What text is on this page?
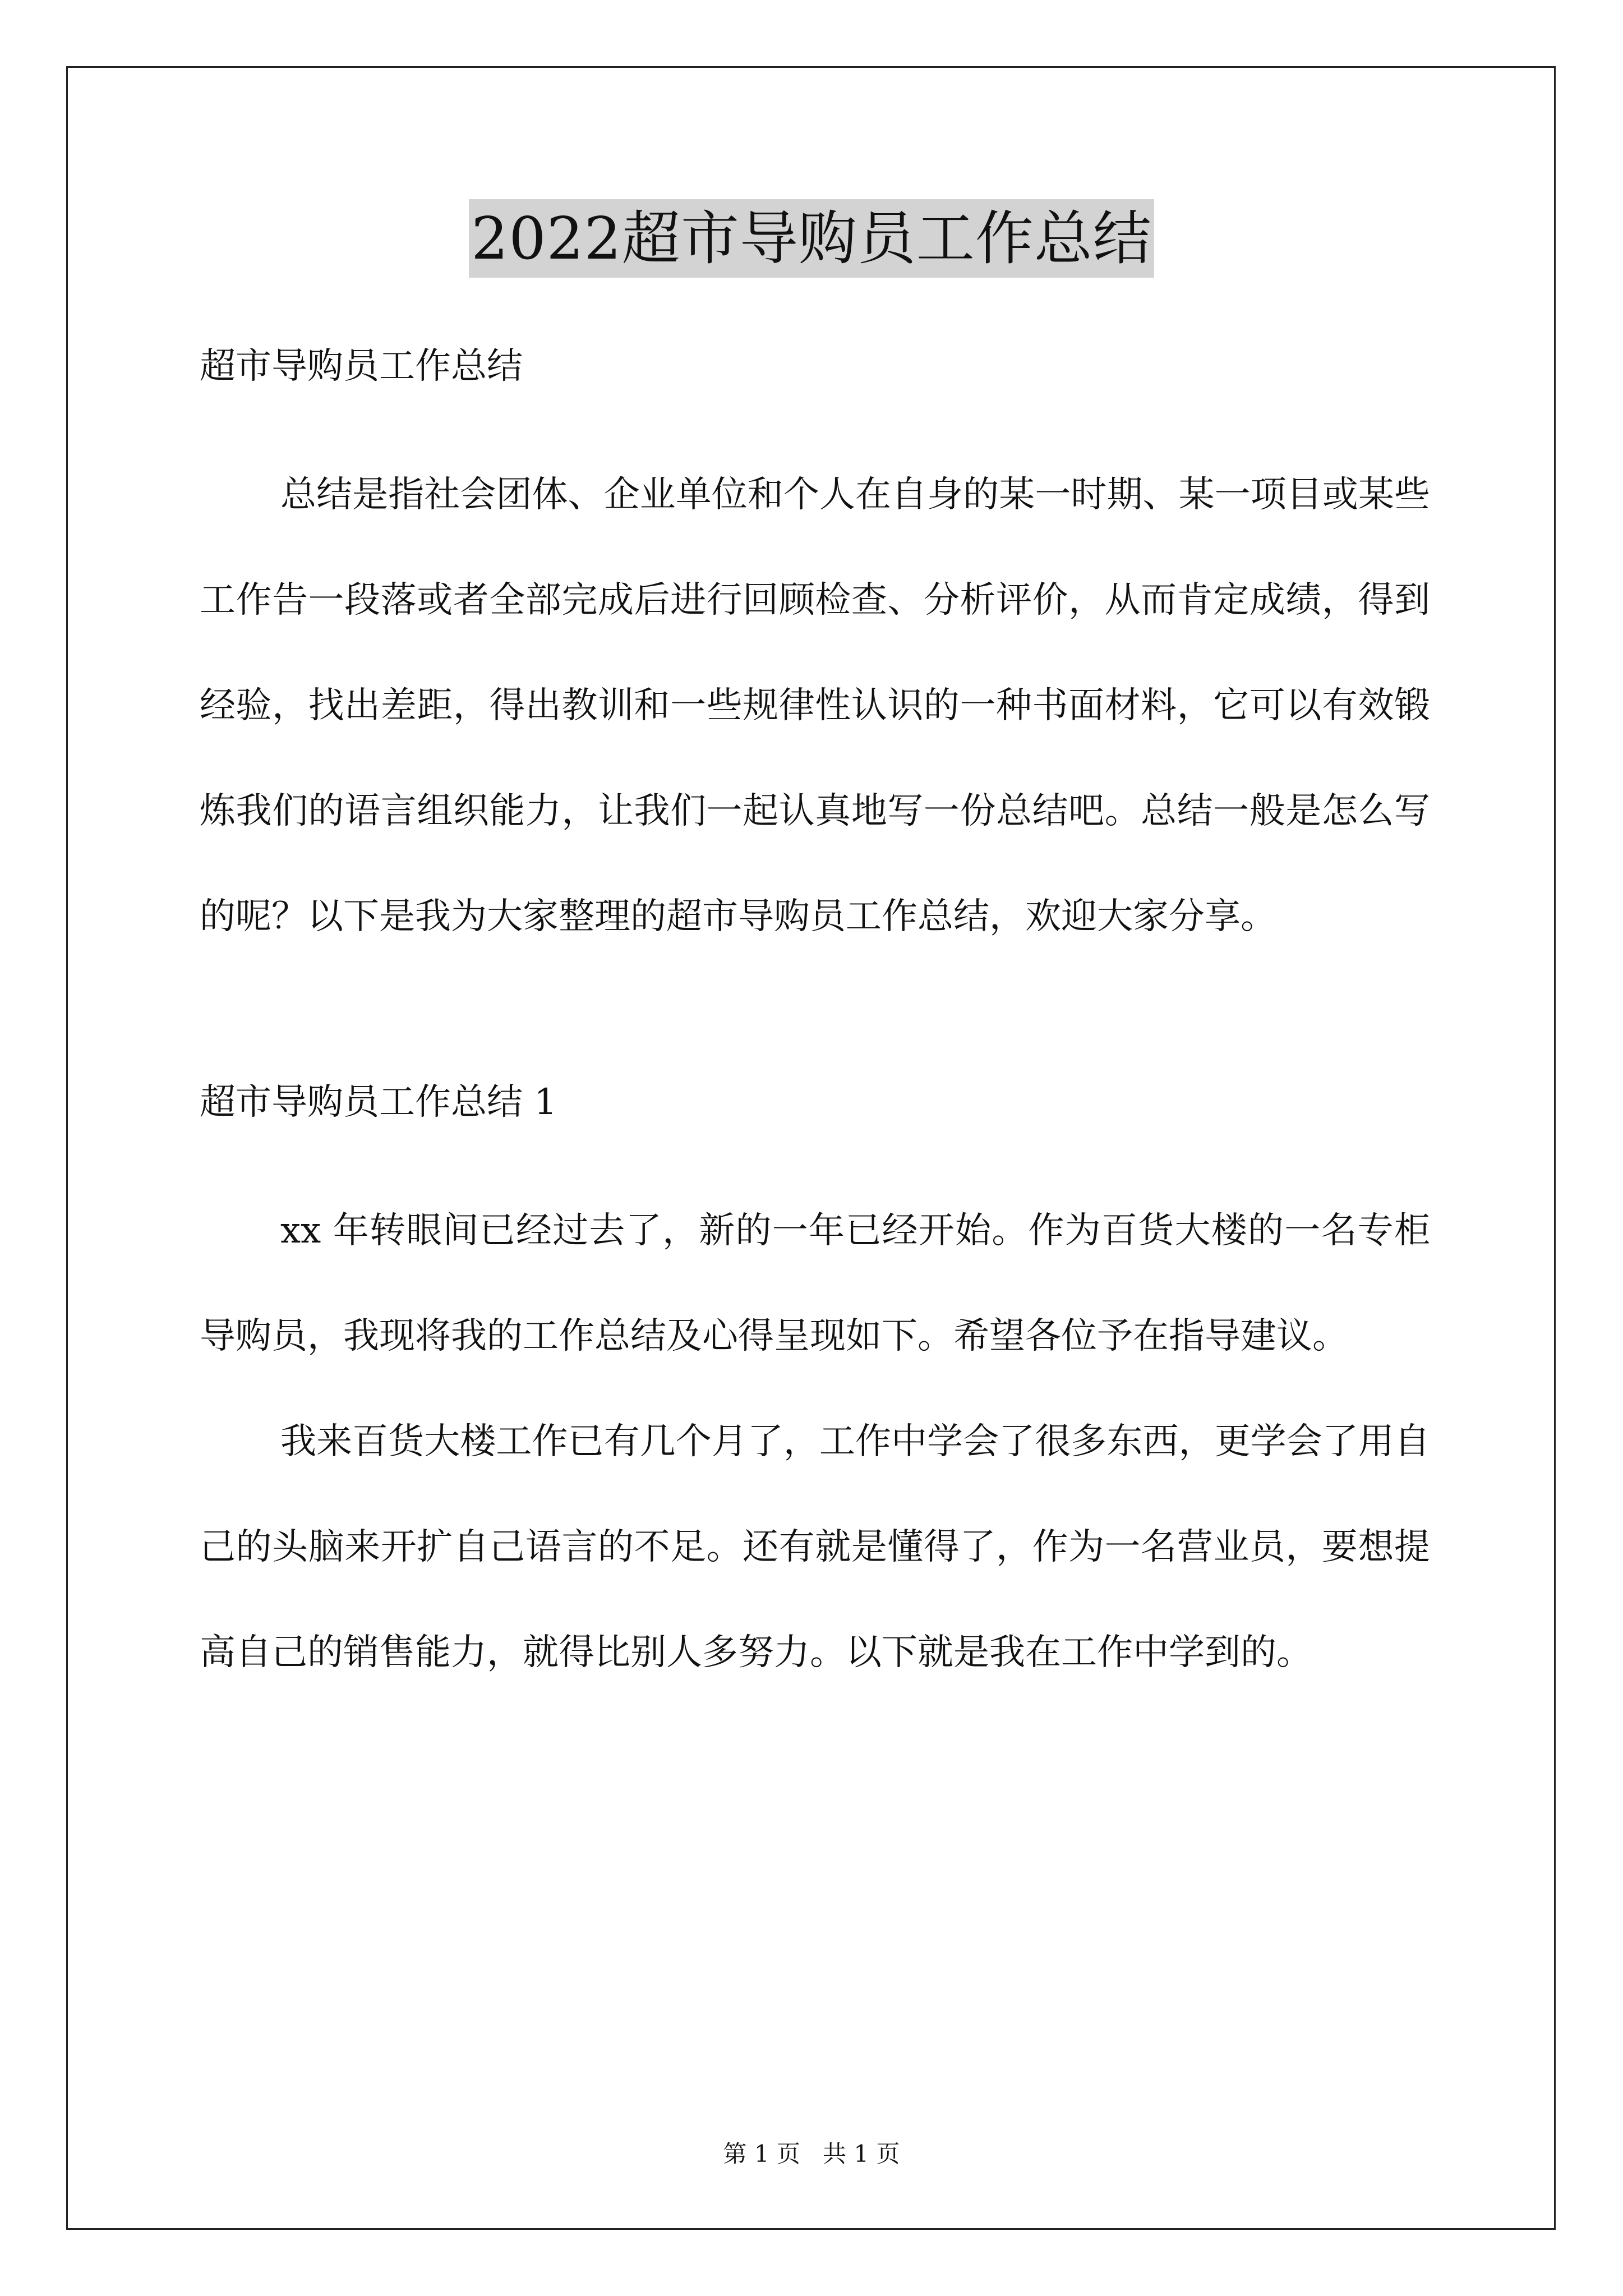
2022超市导购员工作总结

超市导购员工作总结

总结是指社会团体、企业单位和个人在自身的某一时期、某一项目或某些工作告一段落或者全部完成后进行回顾检查、分析评价，从而肯定成绩，得到经验，找出差距，得出教训和一些规律性认识的一种书面材料，它可以有效锻炼我们的语言组织能力，让我们一起认真地写一份总结吧。总结一般是怎么写的呢？以下是我为大家整理的超市导购员工作总结，欢迎大家分享。

超市导购员工作总结 1

xx 年转眼间已经过去了，新的一年已经开始。作为百货大楼的一名专柜导购员，我现将我的工作总结及心得呈现如下。希望各位予在指导建议。

我来百货大楼工作已有几个月了，工作中学会了很多东西，更学会了用自己的头脑来开扩自己语言的不足。还有就是懂得了，作为一名营业员，要想提高自己的销售能力，就得比别人多努力。以下就是我在工作中学到的。

第 1 页   共 1 页
